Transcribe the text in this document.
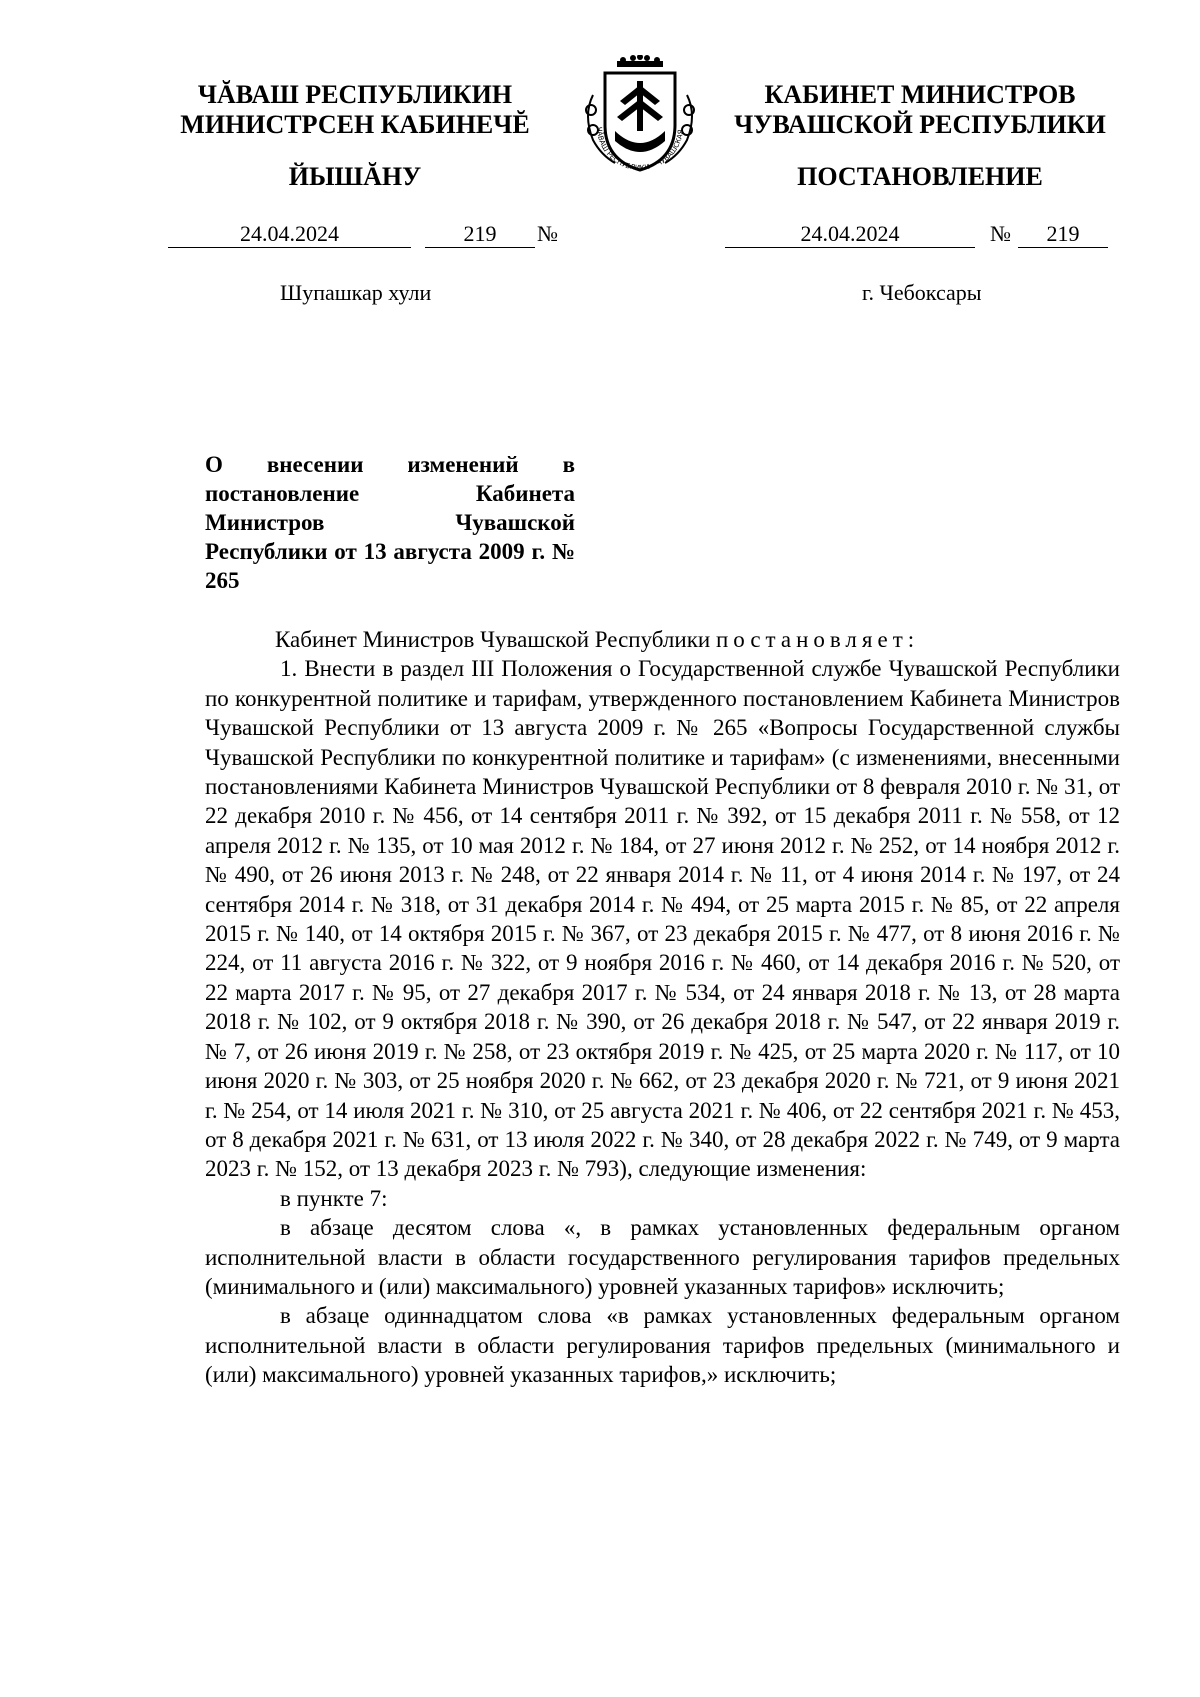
ЧĂВАШ РЕСПУБЛИКИН
МИНИСТРСЕН КАБИНЕЧĔ
ЙЫШĂНУ
ЧĂВАШ РЕСПУБЛИКИ • ЧУВАШСКАЯ
КАБИНЕТ МИНИСТРОВ
ЧУВАШСКОЙ РЕСПУБЛИКИ
ПОСТАНОВЛЕНИЕ
24.04.2024	219	№	24.04.2024	№	219
Шупашкар хули	г. Чебоксары
О внесении изменений в постановление Кабинета Министров Чувашской Республики от 13 августа 2009 г. № 265

Кабинет Министров Чувашской Республики постановляет:

1. Внести в раздел III Положения о Государственной службе Чувашской Республики по конкурентной политике и тарифам, утвержденного постановлением Кабинета Министров Чувашской Республики от 13 августа 2009 г. № 265 «Вопросы Государственной службы Чувашской Республики по конкурентной политике и тарифам» (с изменениями, внесенными постановлениями Кабинета Министров Чувашской Республики от 8 февраля 2010 г. № 31, от 22 декабря 2010 г. № 456, от 14 сентября 2011 г. № 392, от 15 декабря 2011 г. № 558, от 12 апреля 2012 г. № 135, от 10 мая 2012 г. № 184, от 27 июня 2012 г. № 252, от 14 ноября 2012 г. № 490, от 26 июня 2013 г. № 248, от 22 января 2014 г. № 11, от 4 июня 2014 г. № 197, от 24 сентября 2014 г. № 318, от 31 декабря 2014 г. № 494, от 25 марта 2015 г. № 85, от 22 апреля 2015 г. № 140, от 14 октября 2015 г. № 367, от 23 декабря 2015 г. № 477, от 8 июня 2016 г. № 224, от 11 августа 2016 г. № 322, от 9 ноября 2016 г. № 460, от 14 декабря 2016 г. № 520, от 22 марта 2017 г. № 95, от 27 декабря 2017 г. № 534, от 24 января 2018 г. № 13, от 28 марта 2018 г. № 102, от 9 октября 2018 г. № 390, от 26 декабря 2018 г. № 547, от 22 января 2019 г. № 7, от 26 июня 2019 г. № 258, от 23 октября 2019 г. № 425, от 25 марта 2020 г. № 117, от 10 июня 2020 г. № 303, от 25 ноября 2020 г. № 662, от 23 декабря 2020 г. № 721, от 9 июня 2021 г. № 254, от 14 июля 2021 г. № 310, от 25 августа 2021 г. № 406, от 22 сентября 2021 г. № 453, от 8 декабря 2021 г. № 631, от 13 июля 2022 г. № 340, от 28 декабря 2022 г. № 749, от 9 марта 2023 г. № 152, от 13 декабря 2023 г. № 793), следующие изменения:

в пункте 7:

в абзаце десятом слова «, в рамках установленных федеральным органом исполнительной власти в области государственного регулирования тарифов предельных (минимального и (или) максимального) уровней указанных тарифов» исключить;

в абзаце одиннадцатом слова «в рамках установленных федеральным органом исполнительной власти в области регулирования тарифов предельных (минимального и (или) максимального) уровней указанных тарифов,» исключить;
